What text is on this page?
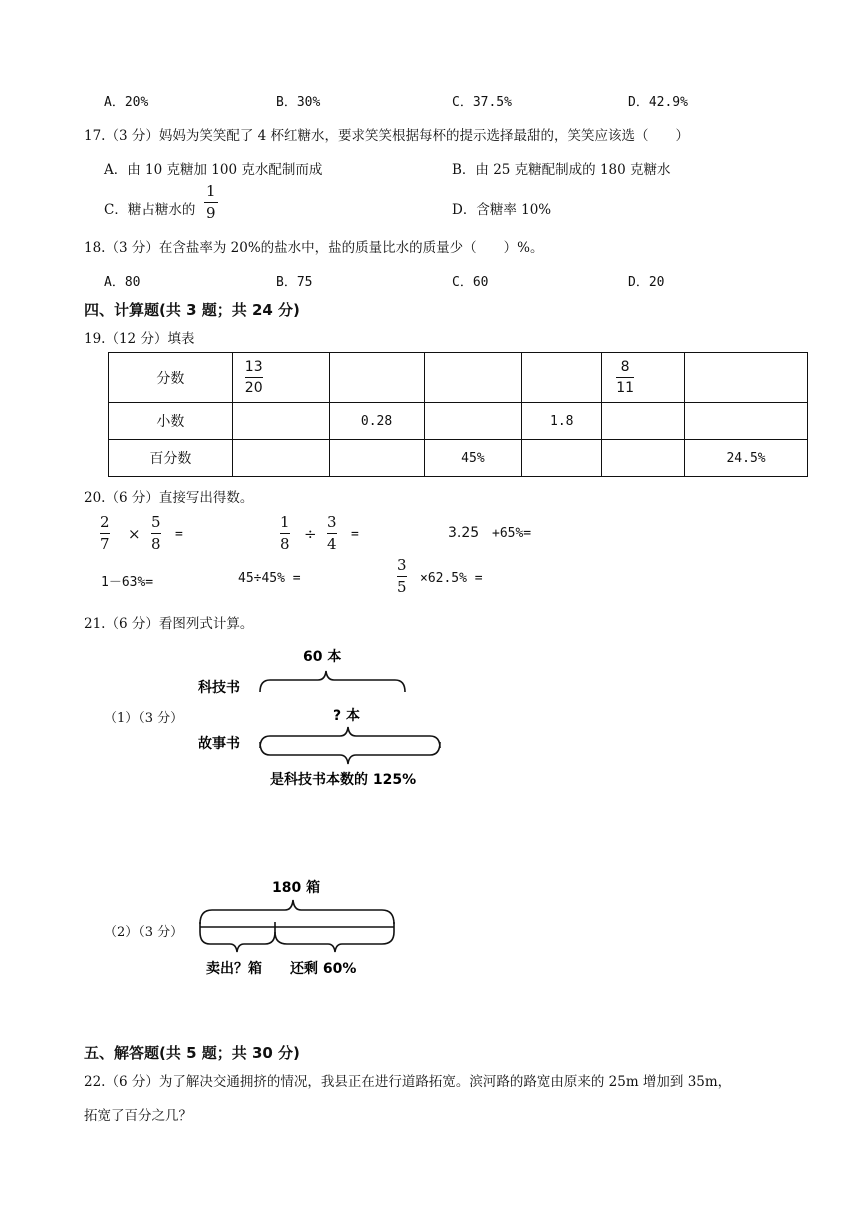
A．20%	B．30%	C．37.5%	D．42.9%
17.（3 分）妈妈为笑笑配了 4 杯红糖水，要求笑笑根据每杯的提示选择最甜的，笑笑应该选（　　）
A．由 10 克糖加 100 克水配制而成	B．由 25 克糖配制成的 180 克糖水
C．糖占糖水的
1
9	D．含糖率 10%
18.（3 分）在含盐率为 20%的盐水中，盐的质量比水的质量少（　　）%。
A．80	B．75	C．60	D．20
四、计算题(共 3 题；共 24 分)
19.（12 分）填表
分数	$\frac{13}{20}$				$\frac{8}{11}$

小数		0.28		1.8		
百分数			45%			24.5%
20.（6 分）直接写出得数。
2
7
×
5
8
=
1
8
÷
3
4
=	3.25 +65%=
1－63%=	45÷45% =
3
5 ×62.5% =
21.（6 分）看图列式计算。
（1）（3 分）
60 本
科技书
? 本
故事书
是科技书本数的 125%
（2）（3 分）
180 箱
卖出？箱 还剩 60%
五、解答题(共 5 题；共 30 分)
22.（6 分）为了解决交通拥挤的情况，我县正在进行道路拓宽。滨河路的路宽由原来的 25m 增加到 35m，
拓宽了百分之几？
